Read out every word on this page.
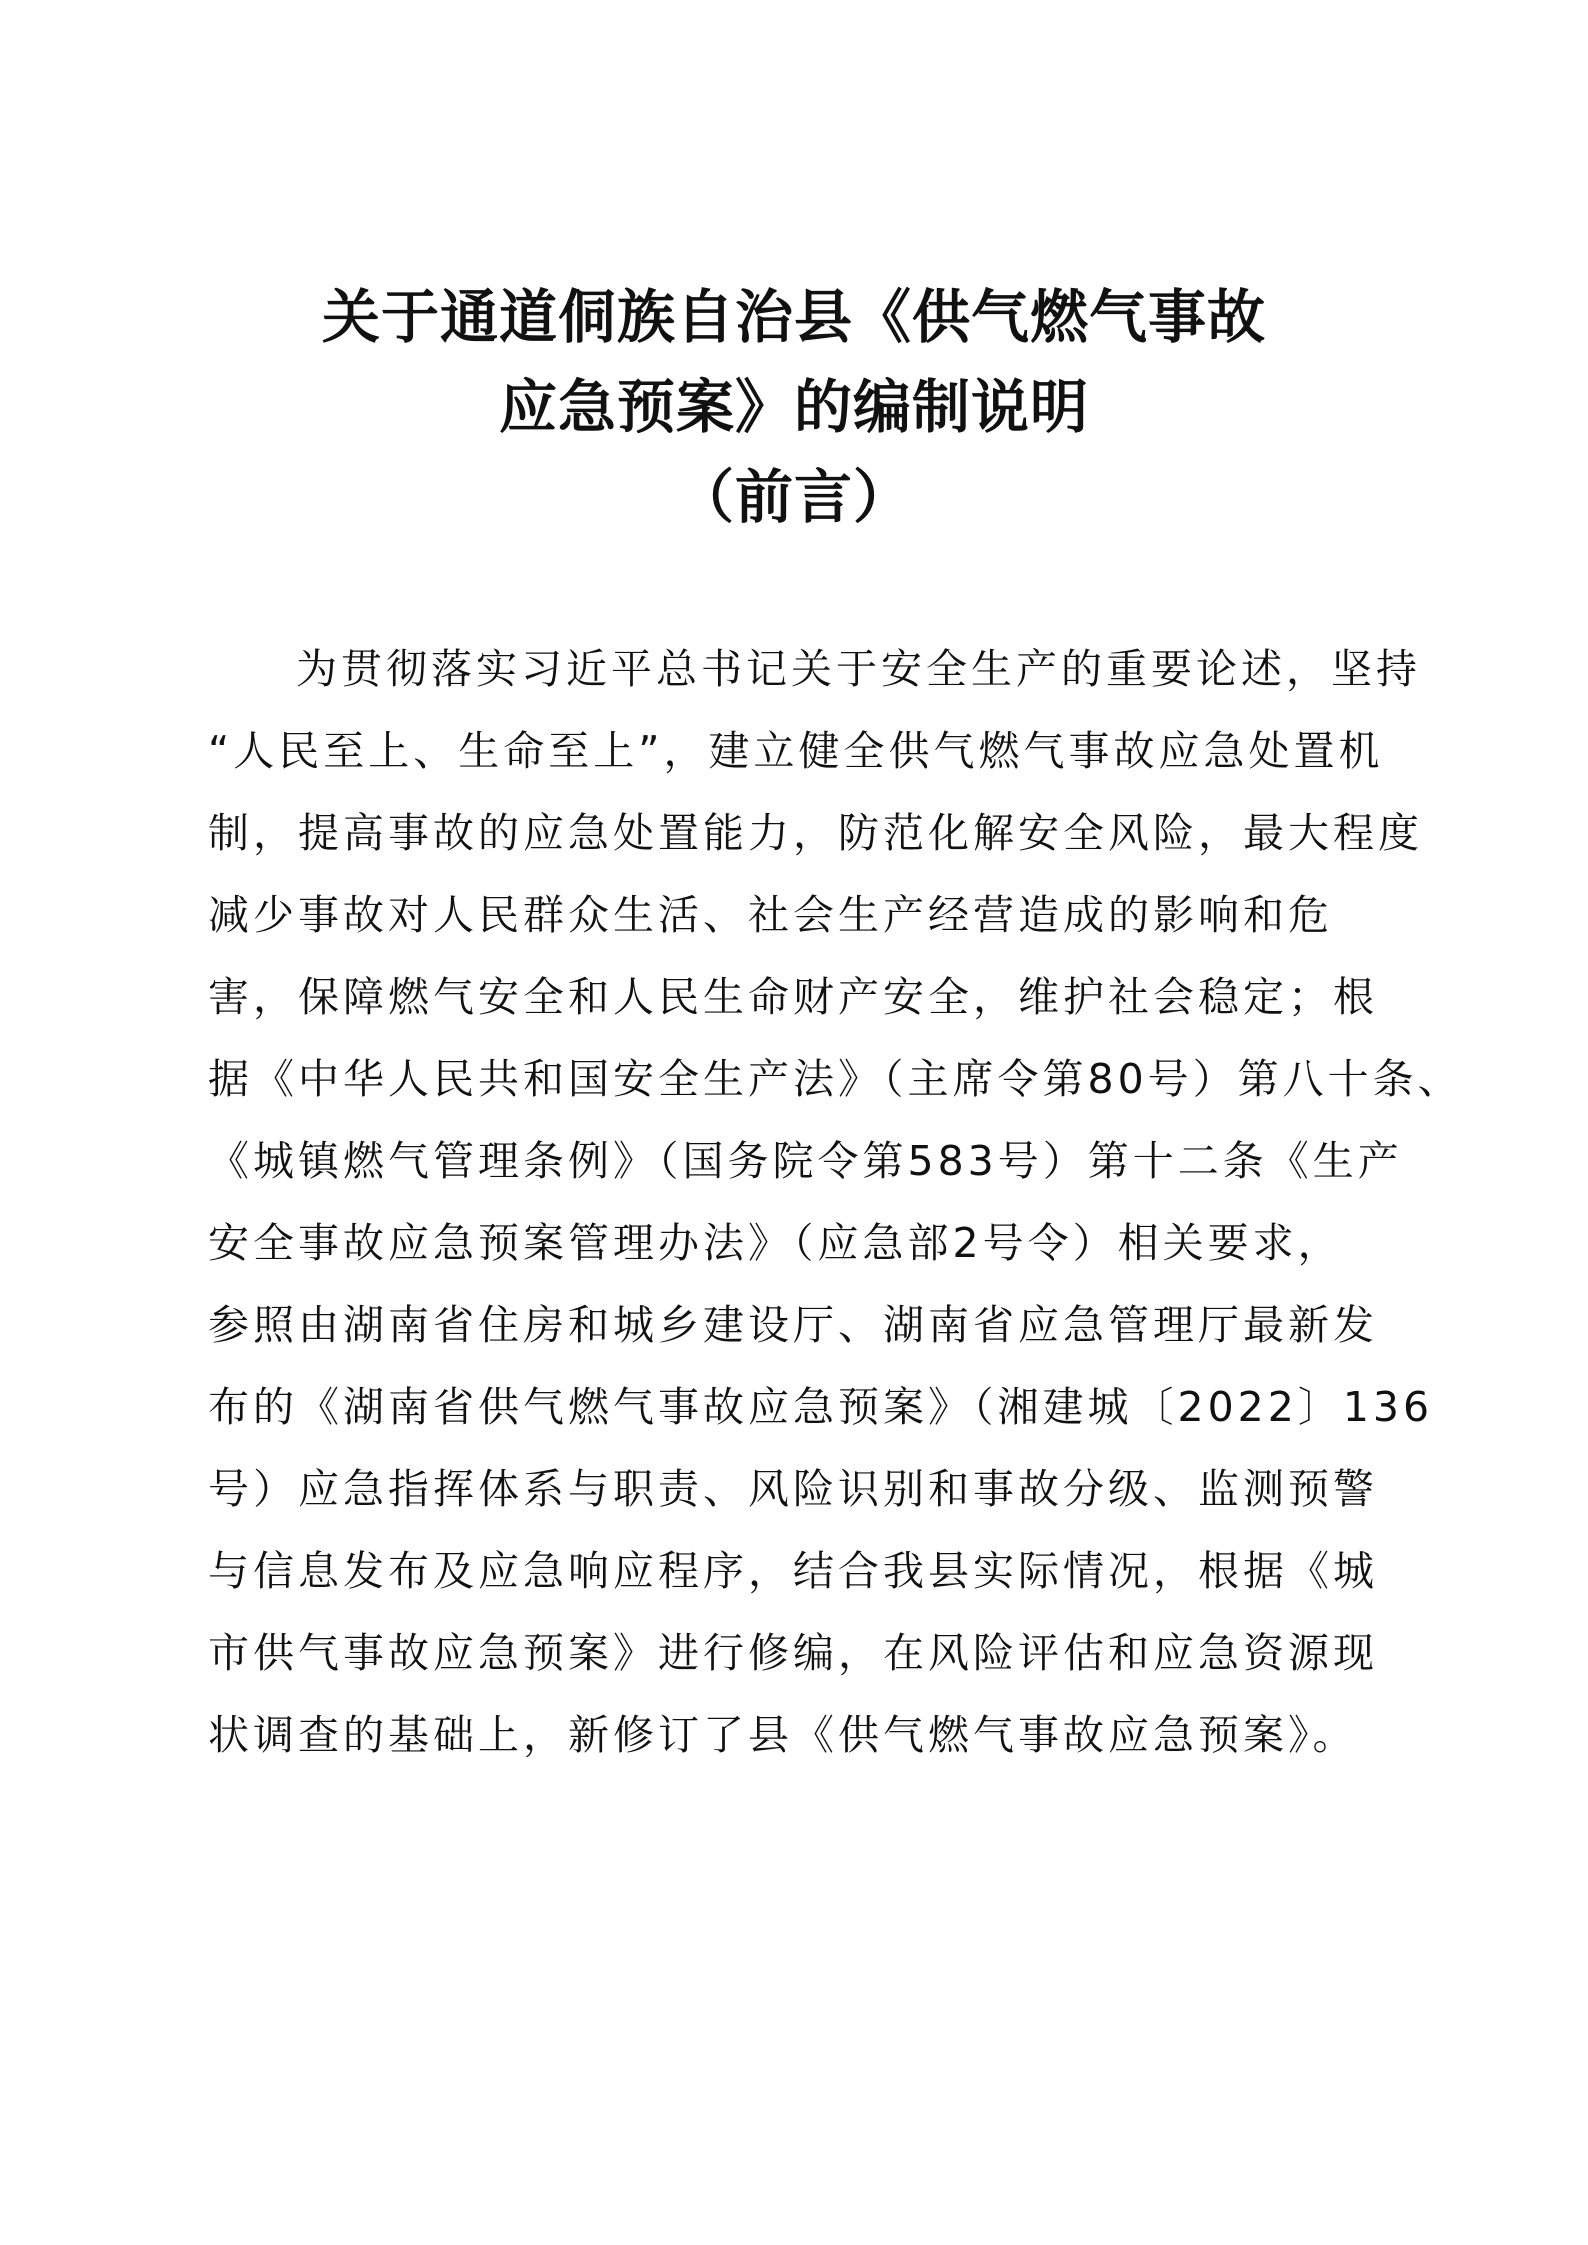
关于通道侗族自治县《供气燃气事故
应急预案》的编制说明
（前言）
为贯彻落实习近平总书记关于安全生产的重要论述，坚持
“人民至上、生命至上”，建立健全供气燃气事故应急处置机
制，提高事故的应急处置能力，防范化解安全风险，最大程度
减少事故对人民群众生活、社会生产经营造成的影响和危
害，保障燃气安全和人民生命财产安全，维护社会稳定；根
据《中华人民共和国安全生产法》（主席令第80号）第八十条、
《城镇燃气管理条例》（国务院令第583号）第十二条《生产
安全事故应急预案管理办法》（应急部2号令）相关要求，
参照由湖南省住房和城乡建设厅、湖南省应急管理厅最新发
布的《湖南省供气燃气事故应急预案》（湘建城〔2022〕136
号）应急指挥体系与职责、风险识别和事故分级、监测预警
与信息发布及应急响应程序，结合我县实际情况，根据《城
市供气事故应急预案》进行修编，在风险评估和应急资源现
状调查的基础上，新修订了县《供气燃气事故应急预案》。
